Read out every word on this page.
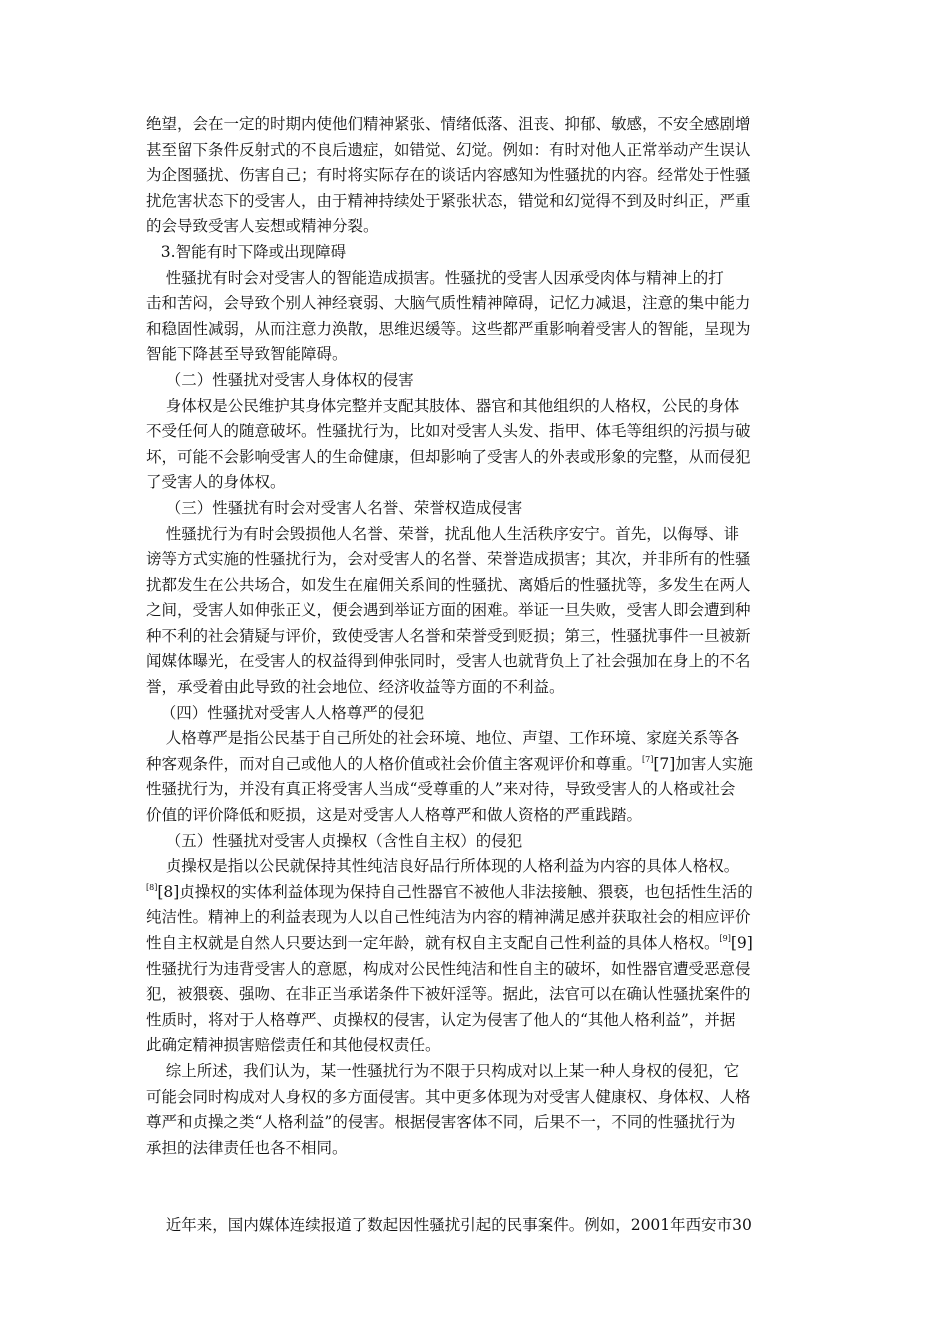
绝望，会在一定的时期内使他们精神紧张、情绪低落、沮丧、抑郁、敏感，不安全感剧增
甚至留下条件反射式的不良后遗症，如错觉、幻觉。例如：有时对他人正常举动产生误认
为企图骚扰、伤害自己；有时将实际存在的谈话内容感知为性骚扰的内容。经常处于性骚
扰危害状态下的受害人，由于精神持续处于紧张状态，错觉和幻觉得不到及时纠正，严重
的会导致受害人妄想或精神分裂。
3.智能有时下降或出现障碍
性骚扰有时会对受害人的智能造成损害。性骚扰的受害人因承受肉体与精神上的打
击和苦闷，会导致个别人神经衰弱、大脑气质性精神障碍，记忆力减退，注意的集中能力
和稳固性减弱，从而注意力涣散，思维迟缓等。这些都严重影响着受害人的智能，呈现为
智能下降甚至导致智能障碍。
（二）性骚扰对受害人身体权的侵害
身体权是公民维护其身体完整并支配其肢体、器官和其他组织的人格权，公民的身体
不受任何人的随意破坏。性骚扰行为，比如对受害人头发、指甲、体毛等组织的污损与破
坏，可能不会影响受害人的生命健康，但却影响了受害人的外表或形象的完整，从而侵犯
了受害人的身体权。
（三）性骚扰有时会对受害人名誉、荣誉权造成侵害
性骚扰行为有时会毁损他人名誉、荣誉，扰乱他人生活秩序安宁。首先，以侮辱、诽
谤等方式实施的性骚扰行为，会对受害人的名誉、荣誉造成损害；其次，并非所有的性骚
扰都发生在公共场合，如发生在雇佣关系间的性骚扰、离婚后的性骚扰等，多发生在两人
之间，受害人如伸张正义，便会遇到举证方面的困难。举证一旦失败，受害人即会遭到种
种不利的社会猜疑与评价，致使受害人名誉和荣誉受到贬损；第三，性骚扰事件一旦被新
闻媒体曝光，在受害人的权益得到伸张同时，受害人也就背负上了社会强加在身上的不名
誉，承受着由此导致的社会地位、经济收益等方面的不利益。
（四）性骚扰对受害人人格尊严的侵犯
人格尊严是指公民基于自己所处的社会环境、地位、声望、工作环境、家庭关系等各
种客观条件，而对自己或他人的人格价值或社会价值主客观评价和尊重。[7][7]加害人实施
性骚扰行为，并没有真正将受害人当成“受尊重的人”来对待，导致受害人的人格或社会
价值的评价降低和贬损，这是对受害人人格尊严和做人资格的严重践踏。
（五）性骚扰对受害人贞操权（含性自主权）的侵犯
贞操权是指以公民就保持其性纯洁良好品行所体现的人格利益为内容的具体人格权。
[8][8]贞操权的实体利益体现为保持自己性器官不被他人非法接触、猥亵，也包括性生活的
纯洁性。精神上的利益表现为人以自己性纯洁为内容的精神满足感并获取社会的相应评价
性自主权就是自然人只要达到一定年龄，就有权自主支配自己性利益的具体人格权。[9][9]
性骚扰行为违背受害人的意愿，构成对公民性纯洁和性自主的破坏，如性器官遭受恶意侵
犯，被猥亵、强吻、在非正当承诺条件下被奸淫等。据此，法官可以在确认性骚扰案件的
性质时，将对于人格尊严、贞操权的侵害，认定为侵害了他人的“其他人格利益”，并据
此确定精神损害赔偿责任和其他侵权责任。
综上所述，我们认为，某一性骚扰行为不限于只构成对以上某一种人身权的侵犯，它
可能会同时构成对人身权的多方面侵害。其中更多体现为对受害人健康权、身体权、人格
尊严和贞操之类“人格利益”的侵害。根据侵害客体不同，后果不一，不同的性骚扰行为
承担的法律责任也各不相同。
近年来，国内媒体连续报道了数起因性骚扰引起的民事案件。例如，2001年西安市30
